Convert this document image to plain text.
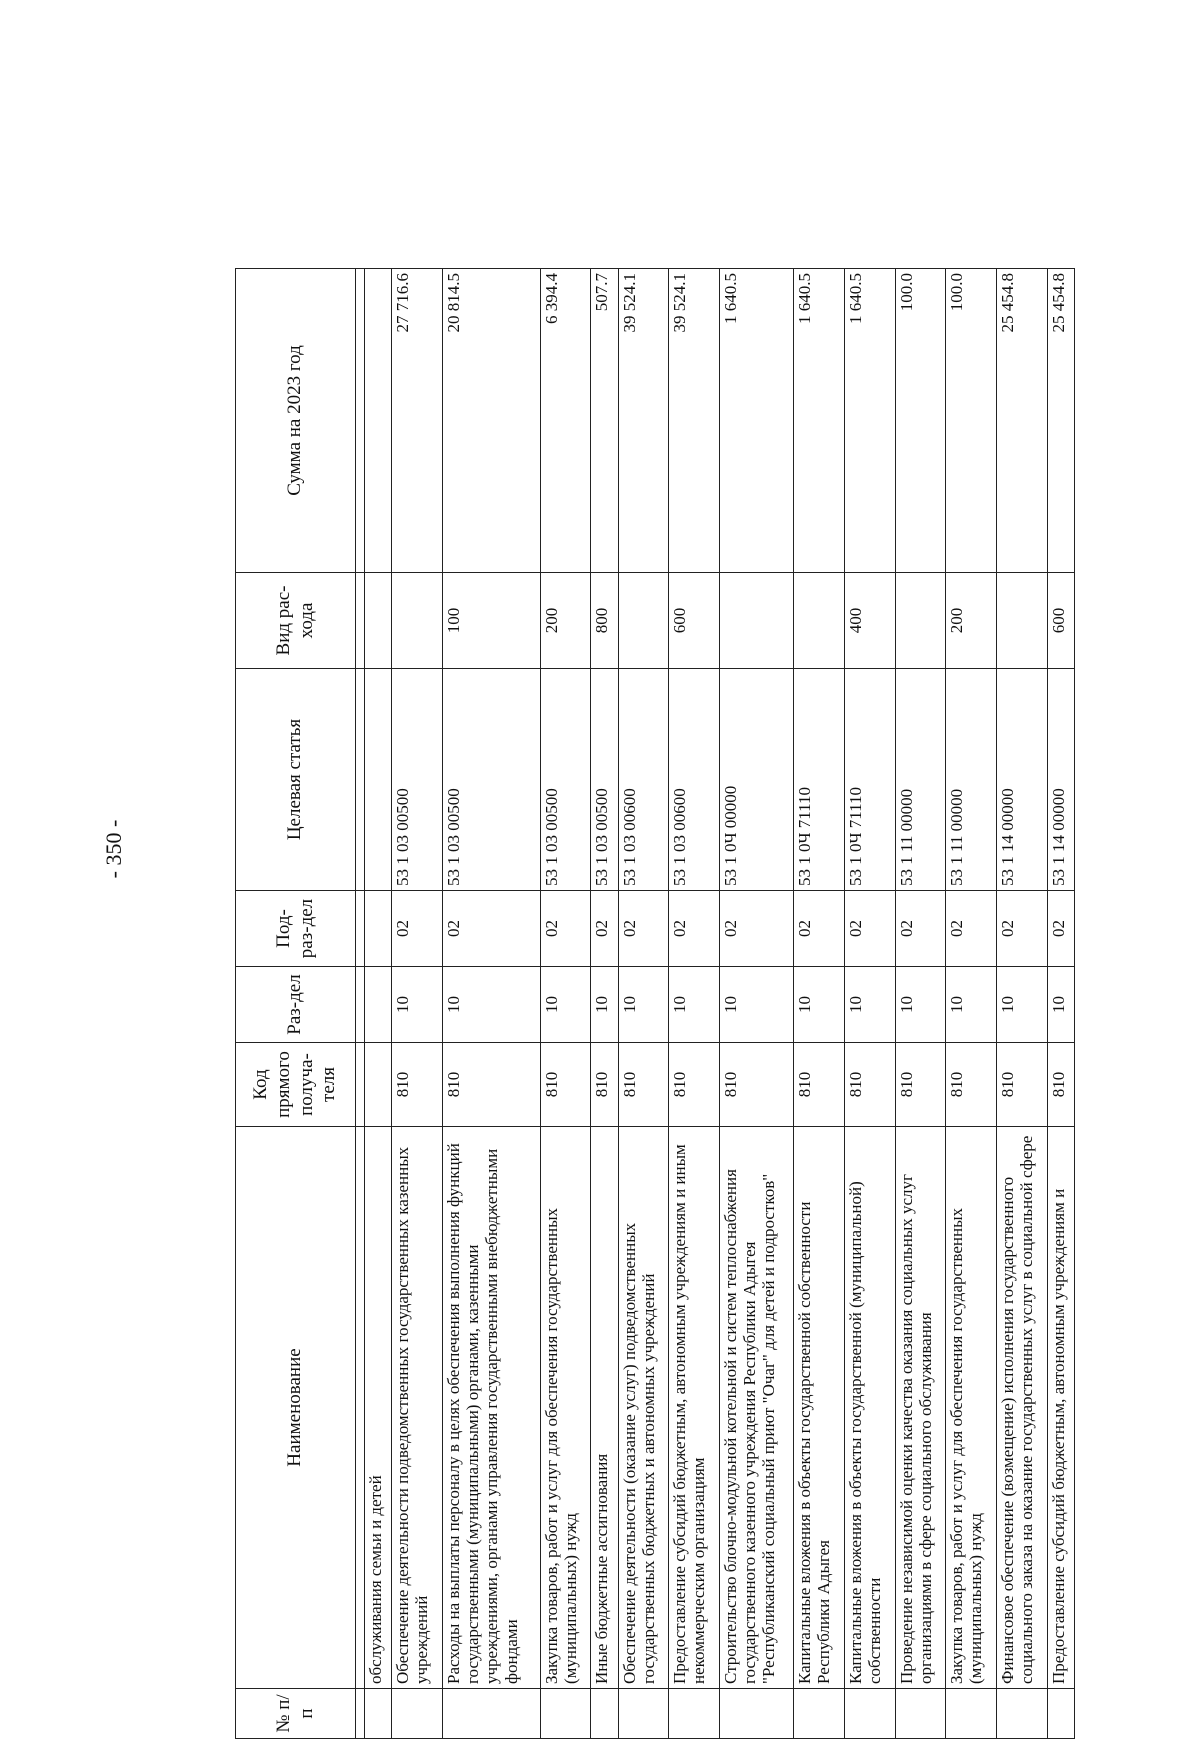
- 350 -
№ п/п	Наименование	Код прямого получа-теля	Раз-дел	Под-раз-дел	Целевая статья	Вид рас-хода	Сумма на 2023 год

	обслуживания семьи и детей						
	Обеспечение деятельности подведомственных государственных казенных учреждений	810	10	02	53 1 03 00500		27 716.6
	Расходы на выплаты персоналу в целях обеспечения выполнения функций государственными (муниципальными) органами, казенными учреждениями, органами управления государственными внебюджетными фондами	810	10	02	53 1 03 00500	100	20 814.5
	Закупка товаров, работ и услуг для обеспечения государственных (муниципальных) нужд	810	10	02	53 1 03 00500	200	6 394.4
	Иные бюджетные ассигнования	810	10	02	53 1 03 00500	800	507.7
	Обеспечение деятельности (оказание услуг) подведомственных государственных бюджетных и автономных учреждений	810	10	02	53 1 03 00600		39 524.1
	Предоставление субсидий бюджетным, автономным учреждениям и иным некоммерческим организациям	810	10	02	53 1 03 00600	600	39 524.1
	Строительство блочно-модульной котельной и систем теплоснабжения государственного казенного учреждения Республики Адыгея "Республиканский социальный приют "Очаг" для детей и подростков"	810	10	02	53 1 0Ч 00000		1 640.5
	Капитальные вложения в объекты государственной собственности Республики Адыгея	810	10	02	53 1 0Ч 71110		1 640.5
	Капитальные вложения в объекты государственной (муниципальной) собственности	810	10	02	53 1 0Ч 71110	400	1 640.5
	Проведение независимой оценки качества оказания социальных услуг организациями в сфере социального обслуживания	810	10	02	53 1 11 00000		100.0
	Закупка товаров, работ и услуг для обеспечения государственных (муниципальных) нужд	810	10	02	53 1 11 00000	200	100.0
	Финансовое обеспечение (возмещение) исполнения государственного социального заказа на оказание государственных услуг в социальной сфере	810	10	02	53 1 14 00000		25 454.8
	Предоставление субсидий бюджетным, автономным учреждениям и	810	10	02	53 1 14 00000	600	25 454.8
